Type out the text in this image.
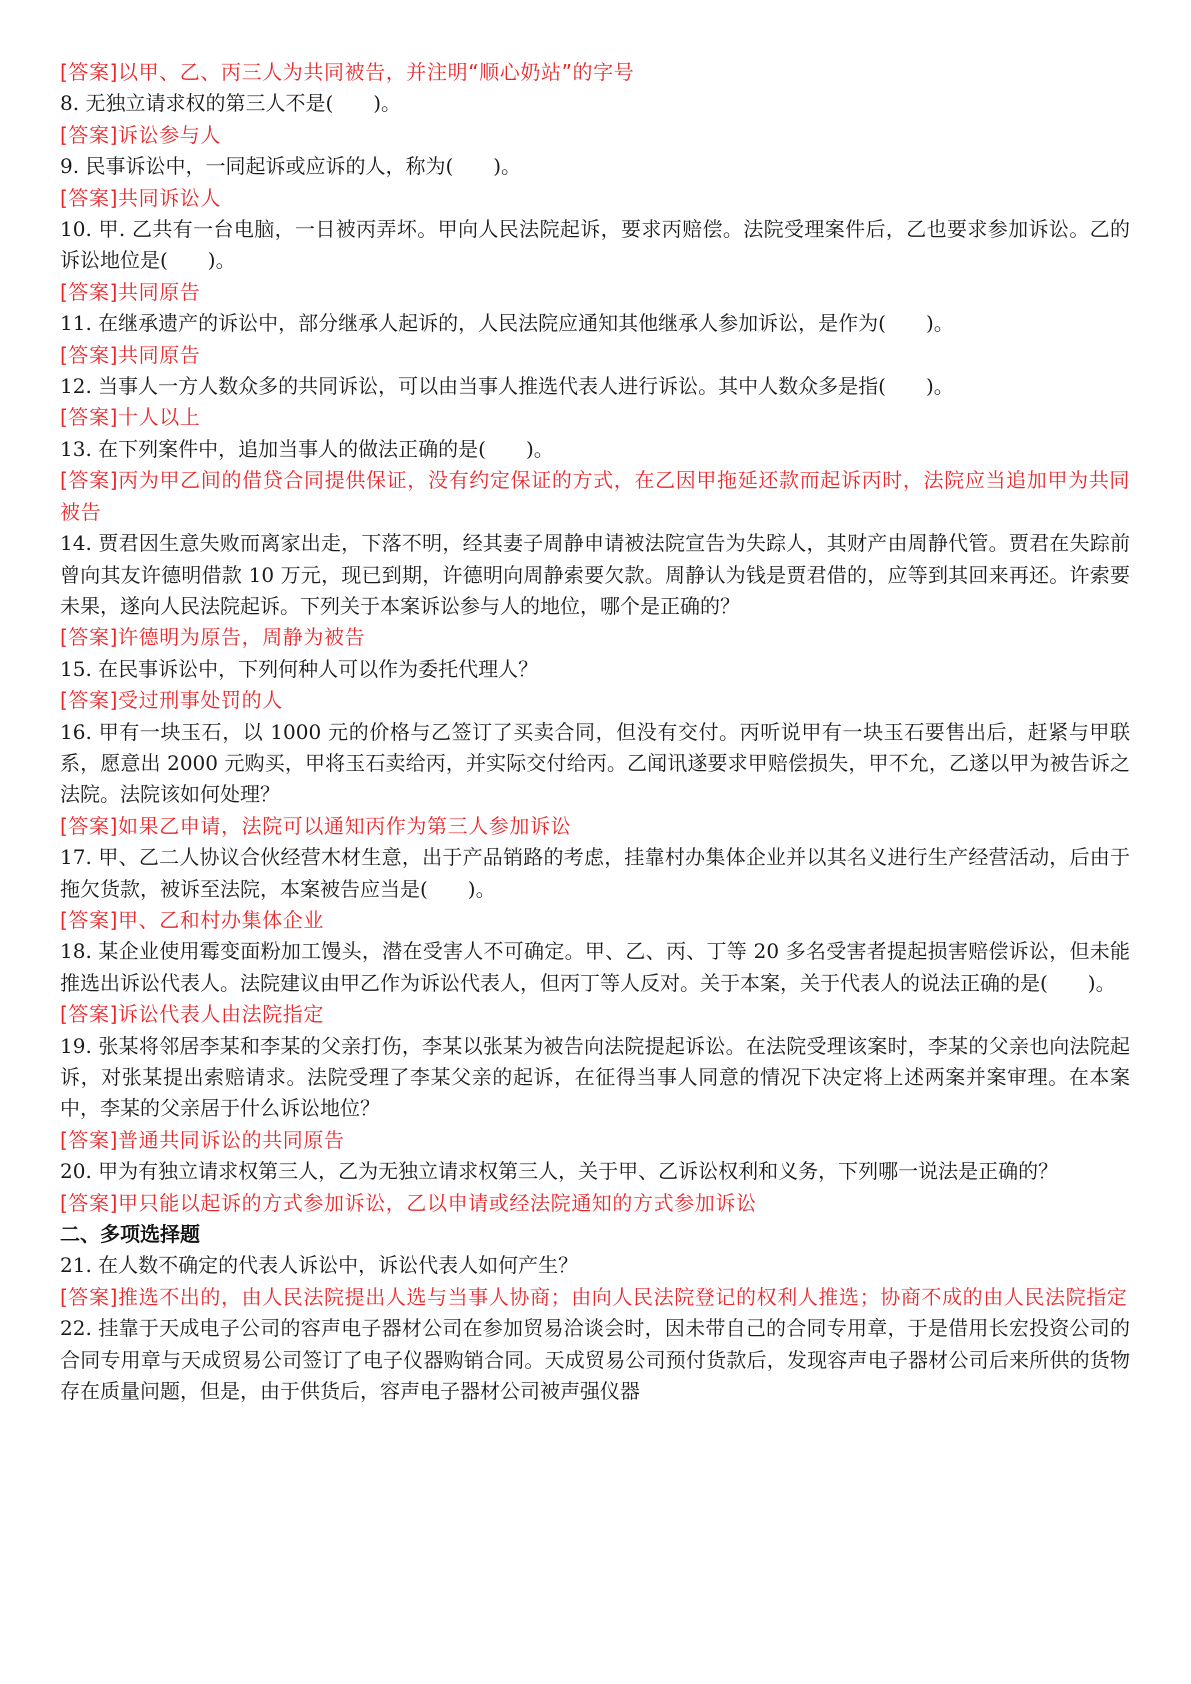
[答案]以甲、乙、丙三人为共同被告，并注明“顺心奶站”的字号

8. 无独立请求权的第三人不是(　　)。

[答案]诉讼参与人

9. 民事诉讼中，一同起诉或应诉的人，称为(　　)。

[答案]共同诉讼人

10. 甲. 乙共有一台电脑，一日被丙弄坏。甲向人民法院起诉，要求丙赔偿。法院受理案件后，乙也要求参加诉讼。乙的诉讼地位是(　　)。

[答案]共同原告

11. 在继承遗产的诉讼中，部分继承人起诉的，人民法院应通知其他继承人参加诉讼，是作为(　　)。

[答案]共同原告

12. 当事人一方人数众多的共同诉讼，可以由当事人推选代表人进行诉讼。其中人数众多是指(　　)。

[答案]十人以上

13. 在下列案件中，追加当事人的做法正确的是(　　)。

[答案]丙为甲乙间的借贷合同提供保证，没有约定保证的方式，在乙因甲拖延还款而起诉丙时，法院应当追加甲为共同被告

14. 贾君因生意失败而离家出走，下落不明，经其妻子周静申请被法院宣告为失踪人，其财产由周静代管。贾君在失踪前曾向其友许德明借款 10 万元，现已到期，许德明向周静索要欠款。周静认为钱是贾君借的，应等到其回来再还。许索要未果，遂向人民法院起诉。下列关于本案诉讼参与人的地位，哪个是正确的？

[答案]许德明为原告，周静为被告

15. 在民事诉讼中，下列何种人可以作为委托代理人？

[答案]受过刑事处罚的人

16. 甲有一块玉石，以 1000 元的价格与乙签订了买卖合同，但没有交付。丙听说甲有一块玉石要售出后，赶紧与甲联系，愿意出 2000 元购买，甲将玉石卖给丙，并实际交付给丙。乙闻讯遂要求甲赔偿损失，甲不允，乙遂以甲为被告诉之法院。法院该如何处理？

[答案]如果乙申请，法院可以通知丙作为第三人参加诉讼

17. 甲、乙二人协议合伙经营木材生意，出于产品销路的考虑，挂靠村办集体企业并以其名义进行生产经营活动，后由于拖欠货款，被诉至法院，本案被告应当是(　　)。

[答案]甲、乙和村办集体企业

18. 某企业使用霉变面粉加工馒头，潜在受害人不可确定。甲、乙、丙、丁等 20 多名受害者提起损害赔偿诉讼，但未能推选出诉讼代表人。法院建议由甲乙作为诉讼代表人，但丙丁等人反对。关于本案，关于代表人的说法正确的是(　　)。

[答案]诉讼代表人由法院指定

19. 张某将邻居李某和李某的父亲打伤，李某以张某为被告向法院提起诉讼。在法院受理该案时，李某的父亲也向法院起诉，对张某提出索赔请求。法院受理了李某父亲的起诉，在征得当事人同意的情况下决定将上述两案并案审理。在本案中，李某的父亲居于什么诉讼地位？

[答案]普通共同诉讼的共同原告

20. 甲为有独立请求权第三人，乙为无独立请求权第三人，关于甲、乙诉讼权利和义务，下列哪一说法是正确的？

[答案]甲只能以起诉的方式参加诉讼，乙以申请或经法院通知的方式参加诉讼

二、多项选择题

21. 在人数不确定的代表人诉讼中，诉讼代表人如何产生？

[答案]推选不出的，由人民法院提出人选与当事人协商；由向人民法院登记的权利人推选；协商不成的由人民法院指定

22. 挂靠于天成电子公司的容声电子器材公司在参加贸易洽谈会时，因未带自己的合同专用章，于是借用长宏投资公司的合同专用章与天成贸易公司签订了电子仪器购销合同。天成贸易公司预付货款后，发现容声电子器材公司后来所供的货物存在质量问题，但是，由于供货后，容声电子器材公司被声强仪器
